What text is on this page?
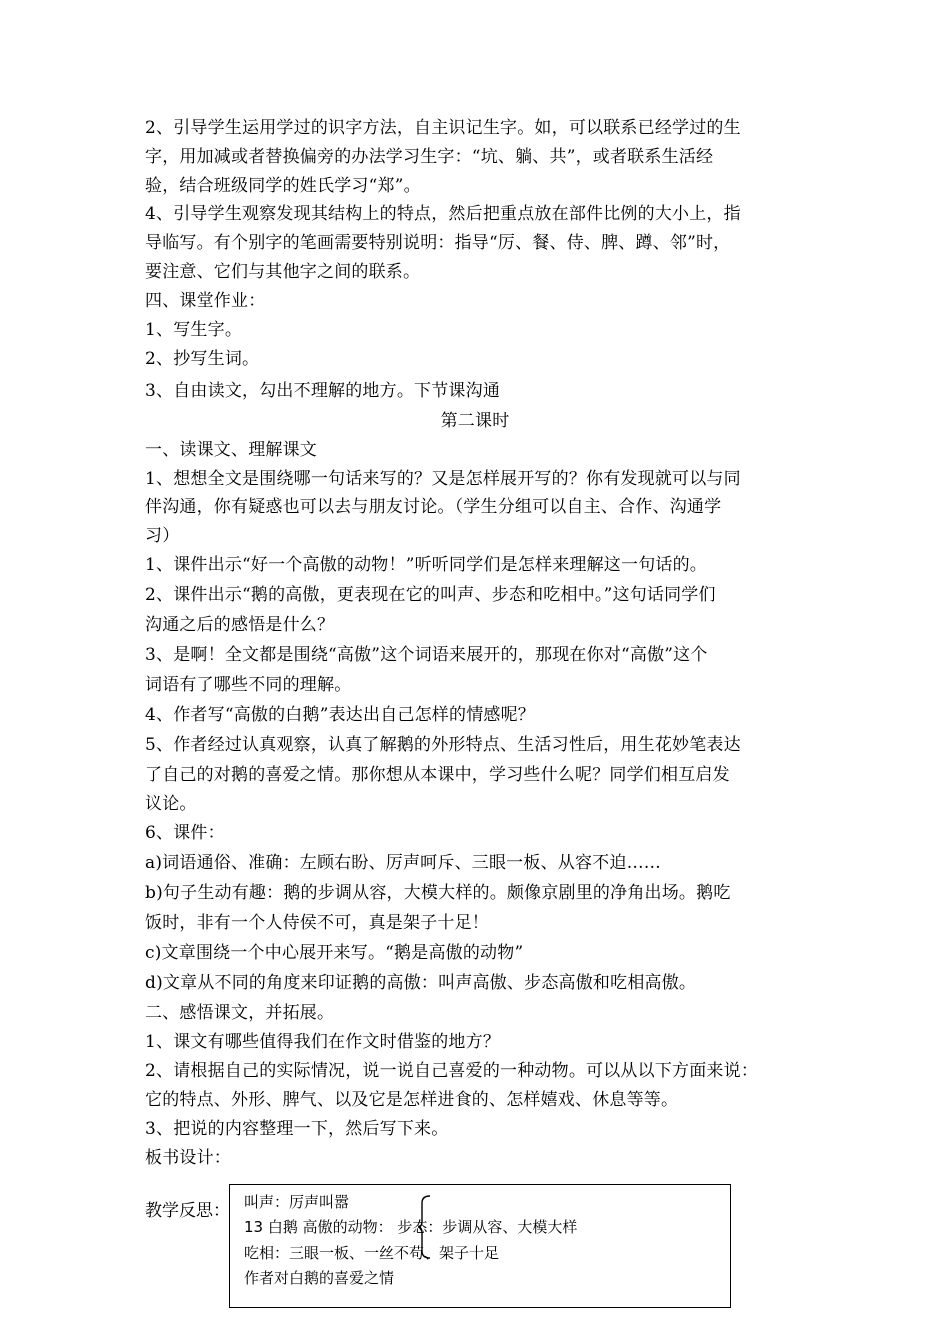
2、引导学生运用学过的识字方法，自主识记生字。如，可以联系已经学过的生
字，用加减或者替换偏旁的办法学习生字：“坑、躺、共”，或者联系生活经
验，结合班级同学的姓氏学习“郑”。
4、引导学生观察发现其结构上的特点，然后把重点放在部件比例的大小上，指
导临写。有个别字的笔画需要特别说明：指导“厉、餐、侍、脾、蹲、邻”时，
要注意、它们与其他字之间的联系。
四、课堂作业：
1、写生字。
2、抄写生词。
3、自由读文，勾出不理解的地方。下节课沟通
第二课时
一、读课文、理解课文
1、想想全文是围绕哪一句话来写的？又是怎样展开写的？你有发现就可以与同
伴沟通，你有疑惑也可以去与朋友讨论。（学生分组可以自主、合作、沟通学
习）
1、课件出示“好一个高傲的动物！”听听同学们是怎样来理解这一句话的。
2、课件出示“鹅的高傲，更表现在它的叫声、步态和吃相中。”这句话同学们
沟通之后的感悟是什么？
3、是啊！全文都是围绕“高傲”这个词语来展开的，那现在你对“高傲”这个
词语有了哪些不同的理解。
4、作者写“高傲的白鹅”表达出自己怎样的情感呢？
5、作者经过认真观察，认真了解鹅的外形特点、生活习性后，用生花妙笔表达
了自己的对鹅的喜爱之情。那你想从本课中，学习些什么呢？同学们相互启发
议论。
6、课件：
a)词语通俗、准确：左顾右盼、厉声呵斥、三眼一板、从容不迫……
b)句子生动有趣：鹅的步调从容，大模大样的。颇像京剧里的净角出场。鹅吃
饭时，非有一个人侍侯不可，真是架子十足！
c)文章围绕一个中心展开来写。“鹅是高傲的动物”
d)文章从不同的角度来印证鹅的高傲：叫声高傲、步态高傲和吃相高傲。
二、感悟课文，并拓展。
1、课文有哪些值得我们在作文时借鉴的地方？
2、请根据自己的实际情况，说一说自己喜爱的一种动物。可以从以下方面来说：
它的特点、外形、脾气、以及它是怎样进食的、怎样嬉戏、休息等等。
3、把说的内容整理一下，然后写下来。
板书设计：
教学反思： 叫声：厉声叫嚣
13 白鹅 高傲的动物： 步态：步调从容、大模大样
吃相：三眼一板、一丝不苟、架子十足
作者对白鹅的喜爱之情
